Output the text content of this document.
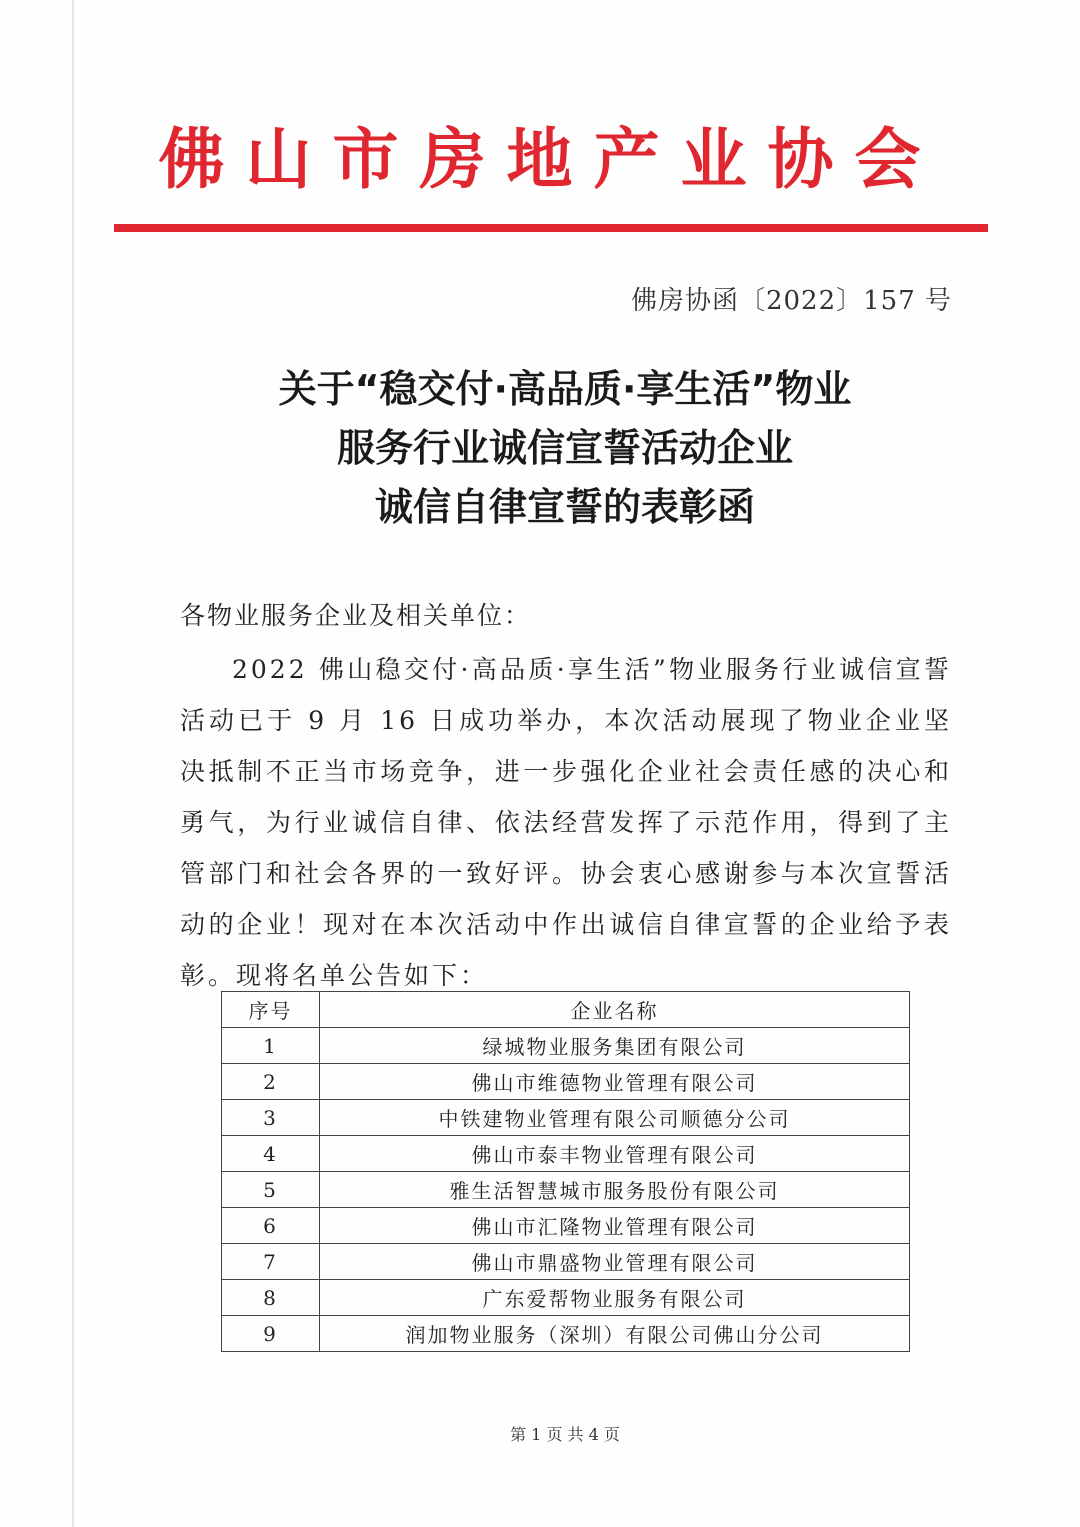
佛山市房地产业协会
佛房协函〔2022〕157 号
关于“稳交付·高品质·享生活”物业
服务行业诚信宣誓活动企业
诚信自律宣誓的表彰函
各物业服务企业及相关单位：

2022 佛山稳交付·高品质·享生活”物业服务行业诚信宣誓活动已于 9 月 16 日成功举办，本次活动展现了物业企业坚决抵制不正当市场竞争，进一步强化企业社会责任感的决心和勇气，为行业诚信自律、依法经营发挥了示范作用，得到了主管部门和社会各界的一致好评。协会衷心感谢参与本次宣誓活动的企业！现对在本次活动中作出诚信自律宣誓的企业给予表彰。现将名单公告如下：

序号	企业名称
1	绿城物业服务集团有限公司
2	佛山市维德物业管理有限公司
3	中铁建物业管理有限公司顺德分公司
4	佛山市泰丰物业管理有限公司
5	雅生活智慧城市服务股份有限公司
6	佛山市汇隆物业管理有限公司
7	佛山市鼎盛物业管理有限公司
8	广东爱帮物业服务有限公司
9	润加物业服务（深圳）有限公司佛山分公司
第 1 页 共 4 页
